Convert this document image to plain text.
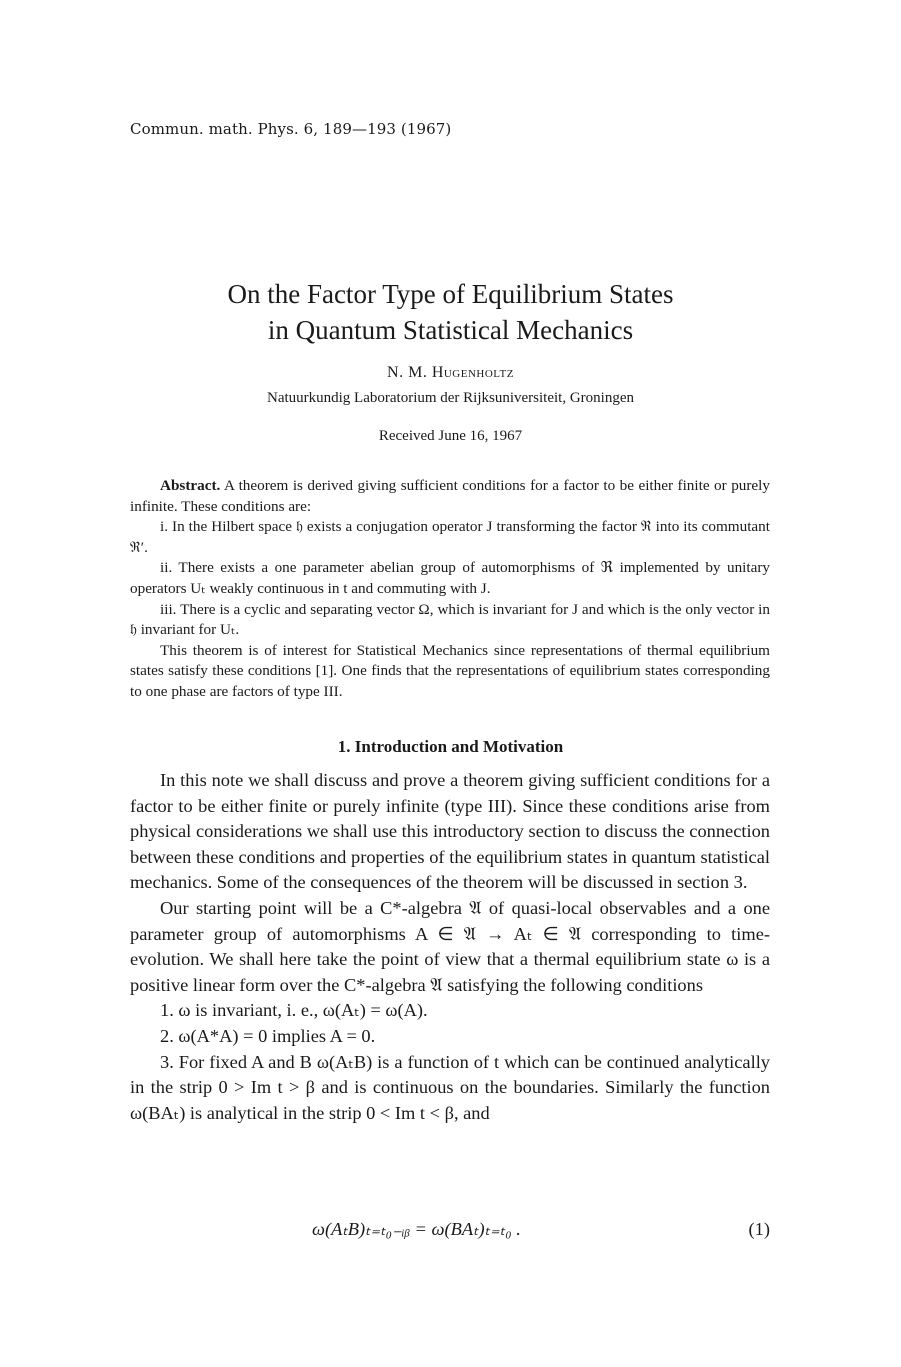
Commun. math. Phys. 6, 189—193 (1967)
On the Factor Type of Equilibrium States
in Quantum Statistical Mechanics
N. M. Hugenholtz
Natuurkundig Laboratorium der Rijksuniversiteit, Groningen
Received June 16, 1967

Abstract. A theorem is derived giving sufficient conditions for a factor to be either finite or purely infinite. These conditions are:

i. In the Hilbert space 𝔥 exists a conjugation operator J transforming the factor ℜ into its commutant ℜ′.

ii. There exists a one parameter abelian group of automorphisms of ℜ implemented by unitary operators Uₜ weakly continuous in t and commuting with J.

iii. There is a cyclic and separating vector Ω, which is invariant for J and which is the only vector in 𝔥 invariant for Uₜ.

This theorem is of interest for Statistical Mechanics since representations of thermal equilibrium states satisfy these conditions [1]. One finds that the representations of equilibrium states corresponding to one phase are factors of type III.

1. Introduction and Motivation

In this note we shall discuss and prove a theorem giving sufficient conditions for a factor to be either finite or purely infinite (type III). Since these conditions arise from physical considerations we shall use this introductory section to discuss the connection between these conditions and properties of the equilibrium states in quantum statistical mechanics. Some of the consequences of the theorem will be discussed in section 3.

Our starting point will be a C*-algebra 𝔄 of quasi-local observables and a one parameter group of automorphisms A ∈ 𝔄 → Aₜ ∈ 𝔄 corresponding to time-evolution. We shall here take the point of view that a thermal equilibrium state ω is a positive linear form over the C*-algebra 𝔄 satisfying the following conditions

1. ω is invariant, i. e., ω(Aₜ) = ω(A).

2. ω(A*A) = 0 implies A = 0.

3. For fixed A and B ω(AₜB) is a function of t which can be continued analytically in the strip 0 > Im t > β and is continuous on the boundaries. Similarly the function ω(BAₜ) is analytical in the strip 0 < Im t < β, and

ω(AₜB)ₜ₌ₜ₀₋ᵢᵦ = ω(BAₜ)ₜ₌ₜ₀ .	(1)
